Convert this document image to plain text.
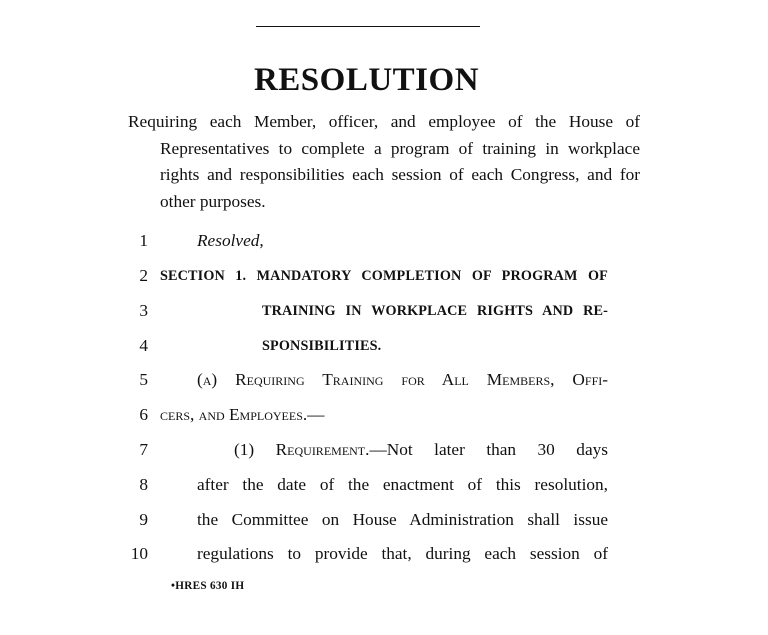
RESOLUTION

Requiring each Member, officer, and employee of the House of Representatives to complete a program of training in workplace rights and responsibilities each session of each Congress, and for other purposes.

1	Resolved,
2 SECTION 1. MANDATORY COMPLETION OF PROGRAM OF
3	TRAINING IN WORKPLACE RIGHTS AND RE-
4	SPONSIBILITIES.
5	(a) Requiring Training for All Members, Offi-
6 cers, and Employees.—
7	(1) Requirement.—Not later than 30 days
8	after the date of the enactment of this resolution,
9	the Committee on House Administration shall issue
10	regulations to provide that, during each session of
•HRES 630 IH
